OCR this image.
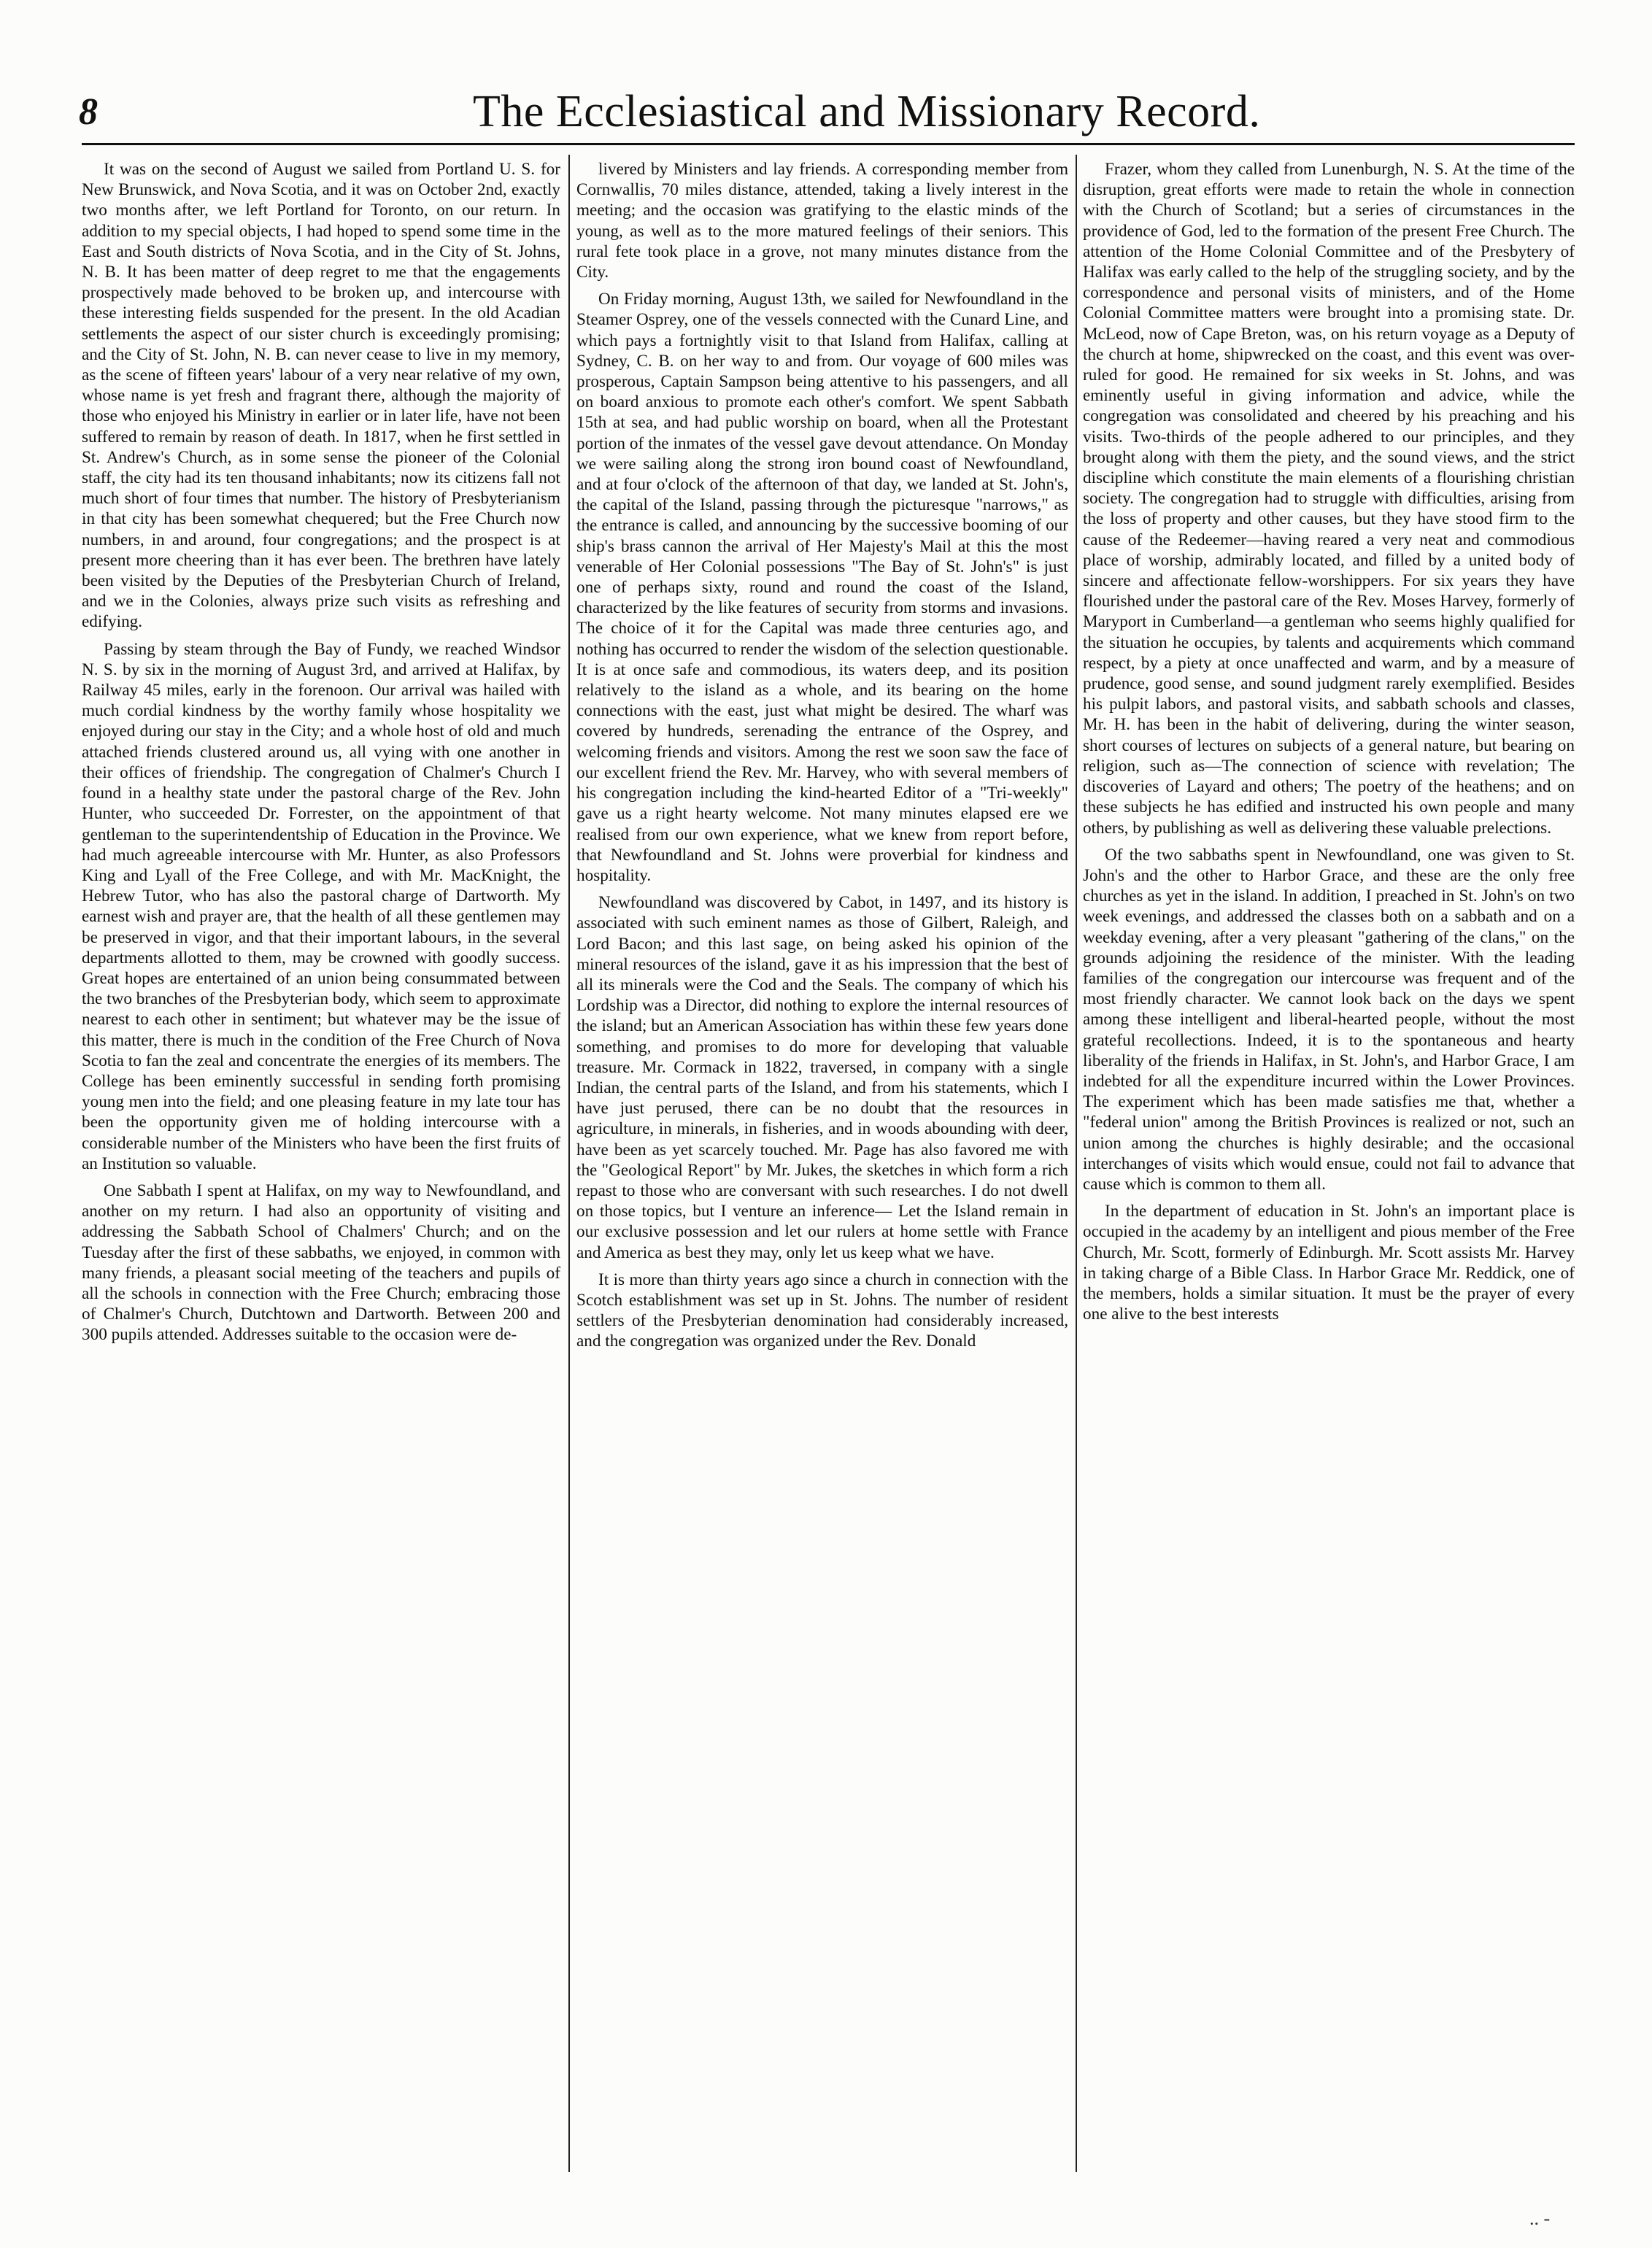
8	The Ecclesiastical and Missionary Record.

It was on the second of August we sailed from Portland U. S. for New Brunswick, and Nova Scotia, and it was on October 2nd, exactly two months after, we left Portland for Toronto, on our return. In addition to my special objects, I had hoped to spend some time in the East and South districts of Nova Scotia, and in the City of St. Johns, N. B. It has been matter of deep regret to me that the engagements prospectively made behoved to be broken up, and intercourse with these interesting fields suspended for the present. In the old Acadian settlements the aspect of our sister church is exceedingly promising; and the City of St. John, N. B. can never cease to live in my memory, as the scene of fifteen years' labour of a very near relative of my own, whose name is yet fresh and fragrant there, although the majority of those who enjoyed his Ministry in earlier or in later life, have not been suffered to remain by reason of death. In 1817, when he first settled in St. Andrew's Church, as in some sense the pioneer of the Colonial staff, the city had its ten thousand inhabitants; now its citizens fall not much short of four times that number. The history of Presbyterianism in that city has been somewhat chequered; but the Free Church now numbers, in and around, four congregations; and the prospect is at present more cheering than it has ever been. The brethren have lately been visited by the Deputies of the Presbyterian Church of Ireland, and we in the Colonies, always prize such visits as refreshing and edifying.

Passing by steam through the Bay of Fundy, we reached Windsor N. S. by six in the morning of August 3rd, and arrived at Halifax, by Railway 45 miles, early in the forenoon. Our arrival was hailed with much cordial kindness by the worthy family whose hospitality we enjoyed during our stay in the City; and a whole host of old and much attached friends clustered around us, all vying with one another in their offices of friendship. The congregation of Chalmer's Church I found in a healthy state under the pastoral charge of the Rev. John Hunter, who succeeded Dr. Forrester, on the appointment of that gentleman to the superintendentship of Education in the Province. We had much agreeable intercourse with Mr. Hunter, as also Professors King and Lyall of the Free College, and with Mr. MacKnight, the Hebrew Tutor, who has also the pastoral charge of Dartworth. My earnest wish and prayer are, that the health of all these gentlemen may be preserved in vigor, and that their important labours, in the several departments allotted to them, may be crowned with goodly success. Great hopes are entertained of an union being consummated between the two branches of the Presbyterian body, which seem to approximate nearest to each other in sentiment; but whatever may be the issue of this matter, there is much in the condition of the Free Church of Nova Scotia to fan the zeal and concentrate the energies of its members. The College has been eminently successful in sending forth promising young men into the field; and one pleasing feature in my late tour has been the opportunity given me of holding intercourse with a considerable number of the Ministers who have been the first fruits of an Institution so valuable.

One Sabbath I spent at Halifax, on my way to Newfoundland, and another on my return. I had also an opportunity of visiting and addressing the Sabbath School of Chalmers' Church; and on the Tuesday after the first of these sabbaths, we enjoyed, in common with many friends, a pleasant social meeting of the teachers and pupils of all the schools in connection with the Free Church; embracing those of Chalmer's Church, Dutchtown and Dartworth. Between 200 and 300 pupils attended. Addresses suitable to the occasion were de-

livered by Ministers and lay friends. A corresponding member from Cornwallis, 70 miles distance, attended, taking a lively interest in the meeting; and the occasion was gratifying to the elastic minds of the young, as well as to the more matured feelings of their seniors. This rural fete took place in a grove, not many minutes distance from the City.

On Friday morning, August 13th, we sailed for Newfoundland in the Steamer Osprey, one of the vessels connected with the Cunard Line, and which pays a fortnightly visit to that Island from Halifax, calling at Sydney, C. B. on her way to and from. Our voyage of 600 miles was prosperous, Captain Sampson being attentive to his passengers, and all on board anxious to promote each other's comfort. We spent Sabbath 15th at sea, and had public worship on board, when all the Protestant portion of the inmates of the vessel gave devout attendance. On Monday we were sailing along the strong iron bound coast of Newfoundland, and at four o'clock of the afternoon of that day, we landed at St. John's, the capital of the Island, passing through the picturesque "narrows," as the entrance is called, and announcing by the successive booming of our ship's brass cannon the arrival of Her Majesty's Mail at this the most venerable of Her Colonial possessions "The Bay of St. John's" is just one of perhaps sixty, round and round the coast of the Island, characterized by the like features of security from storms and invasions. The choice of it for the Capital was made three centuries ago, and nothing has occurred to render the wisdom of the selection questionable. It is at once safe and commodious, its waters deep, and its position relatively to the island as a whole, and its bearing on the home connections with the east, just what might be desired. The wharf was covered by hundreds, serenading the entrance of the Osprey, and welcoming friends and visitors. Among the rest we soon saw the face of our excellent friend the Rev. Mr. Harvey, who with several members of his congregation including the kind-hearted Editor of a "Tri-weekly" gave us a right hearty welcome. Not many minutes elapsed ere we realised from our own experience, what we knew from report before, that Newfoundland and St. Johns were proverbial for kindness and hospitality.

Newfoundland was discovered by Cabot, in 1497, and its history is associated with such eminent names as those of Gilbert, Raleigh, and Lord Bacon; and this last sage, on being asked his opinion of the mineral resources of the island, gave it as his impression that the best of all its minerals were the Cod and the Seals. The company of which his Lordship was a Director, did nothing to explore the internal resources of the island; but an American Association has within these few years done something, and promises to do more for developing that valuable treasure. Mr. Cormack in 1822, traversed, in company with a single Indian, the central parts of the Island, and from his statements, which I have just perused, there can be no doubt that the resources in agriculture, in minerals, in fisheries, and in woods abounding with deer, have been as yet scarcely touched. Mr. Page has also favored me with the "Geological Report" by Mr. Jukes, the sketches in which form a rich repast to those who are conversant with such researches. I do not dwell on those topics, but I venture an inference— Let the Island remain in our exclusive possession and let our rulers at home settle with France and America as best they may, only let us keep what we have.

It is more than thirty years ago since a church in connection with the Scotch establishment was set up in St. Johns. The number of resident settlers of the Presbyterian denomination had considerably increased, and the congregation was organized under the Rev. Donald

Frazer, whom they called from Lunenburgh, N. S. At the time of the disruption, great efforts were made to retain the whole in connection with the Church of Scotland; but a series of circumstances in the providence of God, led to the formation of the present Free Church. The attention of the Home Colonial Committee and of the Presbytery of Halifax was early called to the help of the struggling society, and by the correspondence and personal visits of ministers, and of the Home Colonial Committee matters were brought into a promising state. Dr. McLeod, now of Cape Breton, was, on his return voyage as a Deputy of the church at home, shipwrecked on the coast, and this event was over-ruled for good. He remained for six weeks in St. Johns, and was eminently useful in giving information and advice, while the congregation was consolidated and cheered by his preaching and his visits. Two-thirds of the people adhered to our principles, and they brought along with them the piety, and the sound views, and the strict discipline which constitute the main elements of a flourishing christian society. The congregation had to struggle with difficulties, arising from the loss of property and other causes, but they have stood firm to the cause of the Redeemer—having reared a very neat and commodious place of worship, admirably located, and filled by a united body of sincere and affectionate fellow-worshippers. For six years they have flourished under the pastoral care of the Rev. Moses Harvey, formerly of Maryport in Cumberland—a gentleman who seems highly qualified for the situation he occupies, by talents and acquirements which command respect, by a piety at once unaffected and warm, and by a measure of prudence, good sense, and sound judgment rarely exemplified. Besides his pulpit labors, and pastoral visits, and sabbath schools and classes, Mr. H. has been in the habit of delivering, during the winter season, short courses of lectures on subjects of a general nature, but bearing on religion, such as—The connection of science with revelation; The discoveries of Layard and others; The poetry of the heathens; and on these subjects he has edified and instructed his own people and many others, by publishing as well as delivering these valuable prelections.

Of the two sabbaths spent in Newfoundland, one was given to St. John's and the other to Harbor Grace, and these are the only free churches as yet in the island. In addition, I preached in St. John's on two week evenings, and addressed the classes both on a sabbath and on a weekday evening, after a very pleasant "gathering of the clans," on the grounds adjoining the residence of the minister. With the leading families of the congregation our intercourse was frequent and of the most friendly character. We cannot look back on the days we spent among these intelligent and liberal-hearted people, without the most grateful recollections. Indeed, it is to the spontaneous and hearty liberality of the friends in Halifax, in St. John's, and Harbor Grace, I am indebted for all the expenditure incurred within the Lower Provinces. The experiment which has been made satisfies me that, whether a "federal union" among the British Provinces is realized or not, such an union among the churches is highly desirable; and the occasional interchanges of visits which would ensue, could not fail to advance that cause which is common to them all.

In the department of education in St. John's an important place is occupied in the academy by an intelligent and pious member of the Free Church, Mr. Scott, formerly of Edinburgh. Mr. Scott assists Mr. Harvey in taking charge of a Bible Class. In Harbor Grace Mr. Reddick, one of the members, holds a similar situation. It must be the prayer of every one alive to the best interests

.. -
